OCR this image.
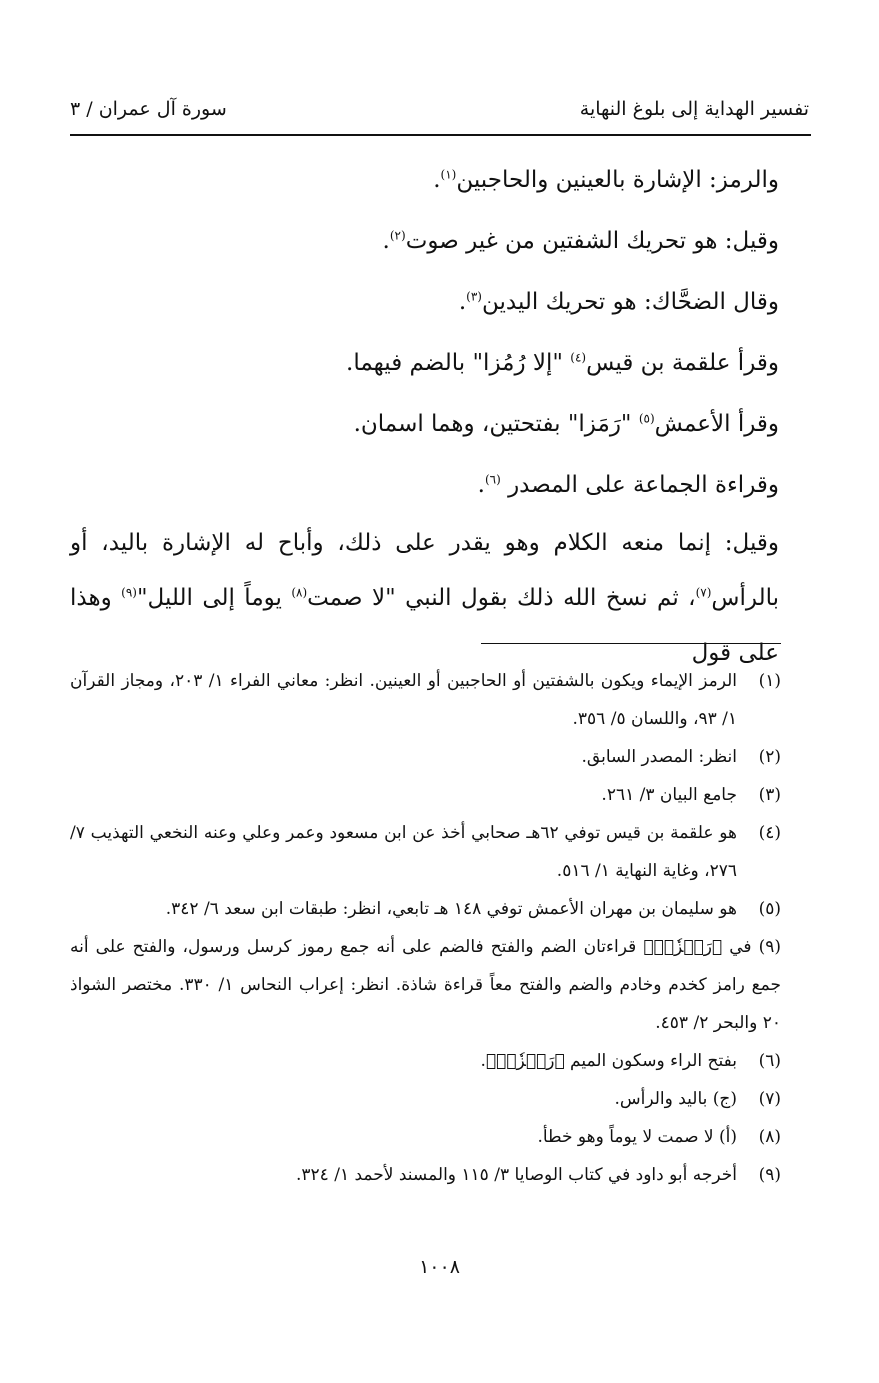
تفسير الهداية إلى بلوغ النهاية
سورة آل عمران / ٣

والرمز: الإشارة بالعينين والحاجبين$^{(١)}$.

وقيل: هو تحريك الشفتين من غير صوت$^{(٢)}$.

وقال الضحَّاك: هو تحريك اليدين$^{(٣)}$.

وقرأ علقمة بن قيس$^{(٤)}$ "إلا رُمُزا" بالضم فيهما.

وقرأ الأعمش$^{(٥)}$ "رَمَزا" بفتحتين، وهما اسمان.

وقراءة الجماعة على المصدر $^{(٦)}$.

وقيل: إنما منعه الكلام وهو يقدر على ذلك، وأباح له الإشارة باليد، أو بالرأس$^{(٧)}$، ثم نسخ الله ذلك بقول النبي "لا صمت$^{(٨)}$ يوماً إلى الليل"$^{(٩)}$ وهذا على قول

(١)
الرمز الإيماء ويكون بالشفتين أو الحاجبين أو العينين. انظر: معاني الفراء ١/ ٢٠٣، ومجاز القرآن ١/ ٩٣، واللسان ٥/ ٣٥٦.
(٢)
انظر: المصدر السابق.
(٣)
جامع البيان ٣/ ٢٦١.
(٤)
هو علقمة بن قيس توفي ٦٢هـ صحابي أخذ عن ابن مسعود وعمر وعلي وعنه النخعي التهذيب ٧/ ٢٧٦، وغاية النهاية ١/ ٥١٦.
(٥)
هو سليمان بن مهران الأعمش توفي ١٤٨ هـ تابعي، انظر: طبقات ابن سعد ٦/ ٣٤٢.
(٩) في ﴿رَمۡزٗاۗ﴾ قراءتان الضم والفتح فالضم على أنه جمع رموز كرسل ورسول، والفتح على أنه جمع رامز كخدم وخادم والضم والفتح معاً قراءة شاذة. انظر: إعراب النحاس ١/ ٣٣٠. مختصر الشواذ ٢٠ والبحر ٢/ ٤٥٣.
(٦)
بفتح الراء وسكون الميم ﴿رَمۡزٗاۗ﴾.
(٧)
(ج) باليد والرأس.
(٨)
(أ) لا صمت لا يوماً وهو خطأ.
(٩)
أخرجه أبو داود في كتاب الوصايا ٣/ ١١٥ والمسند لأحمد ١/ ٣٢٤.
١٠٠٨
